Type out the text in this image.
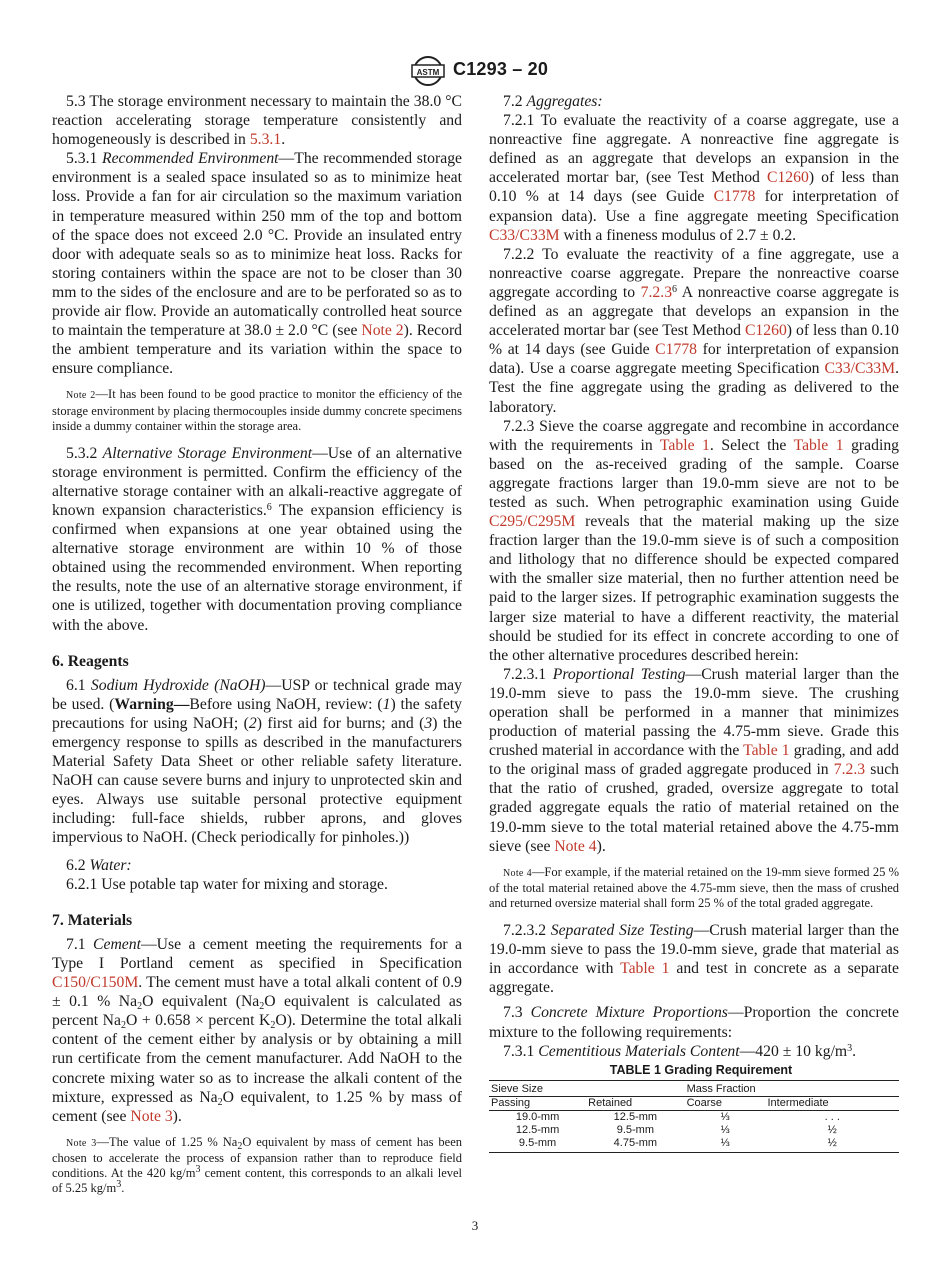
ASTM C1293 – 20

5.3 The storage environment necessary to maintain the 38.0 °C reaction accelerating storage temperature consistently and homogeneously is described in 5.3.1.

5.3.1 Recommended Environment—The recommended storage environment is a sealed space insulated so as to minimize heat loss. Provide a fan for air circulation so the maximum variation in temperature measured within 250 mm of the top and bottom of the space does not exceed 2.0 °C. Provide an insulated entry door with adequate seals so as to minimize heat loss. Racks for storing containers within the space are not to be closer than 30 mm to the sides of the enclosure and are to be perforated so as to provide air flow. Provide an automatically controlled heat source to maintain the temperature at 38.0 ± 2.0 °C (see Note 2). Record the ambient temperature and its variation within the space to ensure compliance.

Note 2—It has been found to be good practice to monitor the efficiency of the storage environment by placing thermocouples inside dummy concrete specimens inside a dummy container within the storage area.

5.3.2 Alternative Storage Environment—Use of an alternative storage environment is permitted. Confirm the efficiency of the alternative storage container with an alkali-reactive aggregate of known expansion characteristics.$^6$ The expansion efficiency is confirmed when expansions at one year obtained using the alternative storage environment are within 10 % of those obtained using the recommended environment. When reporting the results, note the use of an alternative storage environment, if one is utilized, together with documentation proving compliance with the above.

6. Reagents

6.1 Sodium Hydroxide (NaOH)—USP or technical grade may be used. (Warning—Before using NaOH, review: (1) the safety precautions for using NaOH; (2) first aid for burns; and (3) the emergency response to spills as described in the manufacturers Material Safety Data Sheet or other reliable safety literature. NaOH can cause severe burns and injury to unprotected skin and eyes. Always use suitable personal protective equipment including: full-face shields, rubber aprons, and gloves impervious to NaOH. (Check periodically for pinholes.))

6.2 Water:

6.2.1 Use potable tap water for mixing and storage.

7. Materials

7.1 Cement—Use a cement meeting the requirements for a Type I Portland cement as specified in Specification C150/C150M. The cement must have a total alkali content of 0.9 ± 0.1 % $Na_2O$ equivalent ($Na_2O$ equivalent is calculated as percent $Na_2O + 0.658$ × percent $K_2O$). Determine the total alkali content of the cement either by analysis or by obtaining a mill run certificate from the cement manufacturer. Add NaOH to the concrete mixing water so as to increase the alkali content of the mixture, expressed as $Na_2O$ equivalent, to 1.25 % by mass of cement (see Note 3).

Note 3—The value of 1.25 % $Na_2O$ equivalent by mass of cement has been chosen to accelerate the process of expansion rather than to reproduce field conditions. At the 420 $kg/m^3$ cement content, this corresponds to an alkali level of 5.25 $kg/m^3$.

7.2 Aggregates:

7.2.1 To evaluate the reactivity of a coarse aggregate, use a nonreactive fine aggregate. A nonreactive fine aggregate is defined as an aggregate that develops an expansion in the accelerated mortar bar, (see Test Method C1260) of less than 0.10 % at 14 days (see Guide C1778 for interpretation of expansion data). Use a fine aggregate meeting Specification C33/C33M with a fineness modulus of 2.7 ± 0.2.

7.2.2 To evaluate the reactivity of a fine aggregate, use a nonreactive coarse aggregate. Prepare the nonreactive coarse aggregate according to 7.2.3$^6$ A nonreactive coarse aggregate is defined as an aggregate that develops an expansion in the accelerated mortar bar (see Test Method C1260) of less than 0.10 % at 14 days (see Guide C1778 for interpretation of expansion data). Use a coarse aggregate meeting Specification C33/C33M. Test the fine aggregate using the grading as delivered to the laboratory.

7.2.3 Sieve the coarse aggregate and recombine in accordance with the requirements in Table 1. Select the Table 1 grading based on the as-received grading of the sample. Coarse aggregate fractions larger than 19.0-mm sieve are not to be tested as such. When petrographic examination using Guide C295/C295M reveals that the material making up the size fraction larger than the 19.0-mm sieve is of such a composition and lithology that no difference should be expected compared with the smaller size material, then no further attention need be paid to the larger sizes. If petrographic examination suggests the larger size material to have a different reactivity, the material should be studied for its effect in concrete according to one of the other alternative procedures described herein:

7.2.3.1 Proportional Testing—Crush material larger than the 19.0-mm sieve to pass the 19.0-mm sieve. The crushing operation shall be performed in a manner that minimizes production of material passing the 4.75-mm sieve. Grade this crushed material in accordance with the Table 1 grading, and add to the original mass of graded aggregate produced in 7.2.3 such that the ratio of crushed, graded, oversize aggregate to total graded aggregate equals the ratio of material retained on the 19.0-mm sieve to the total material retained above the 4.75-mm sieve (see Note 4).

Note 4—For example, if the material retained on the 19-mm sieve formed 25 % of the total material retained above the 4.75-mm sieve, then the mass of crushed and returned oversize material shall form 25 % of the total graded aggregate.

7.2.3.2 Separated Size Testing—Crush material larger than the 19.0-mm sieve to pass the 19.0-mm sieve, grade that material as in accordance with Table 1 and test in concrete as a separate aggregate.

7.3 Concrete Mixture Proportions—Proportion the concrete mixture to the following requirements:

7.3.1 Cementitious Materials Content—420 ± 10 $kg/m^3$.

TABLE 1 Grading Requirement

Sieve Size		Mass Fraction	
Passing	Retained	Coarse	Intermediate
19.0-mm	12.5-mm	⅓	. . .
12.5-mm	9.5-mm	⅓	½
9.5-mm	4.75-mm	⅓	½
3
